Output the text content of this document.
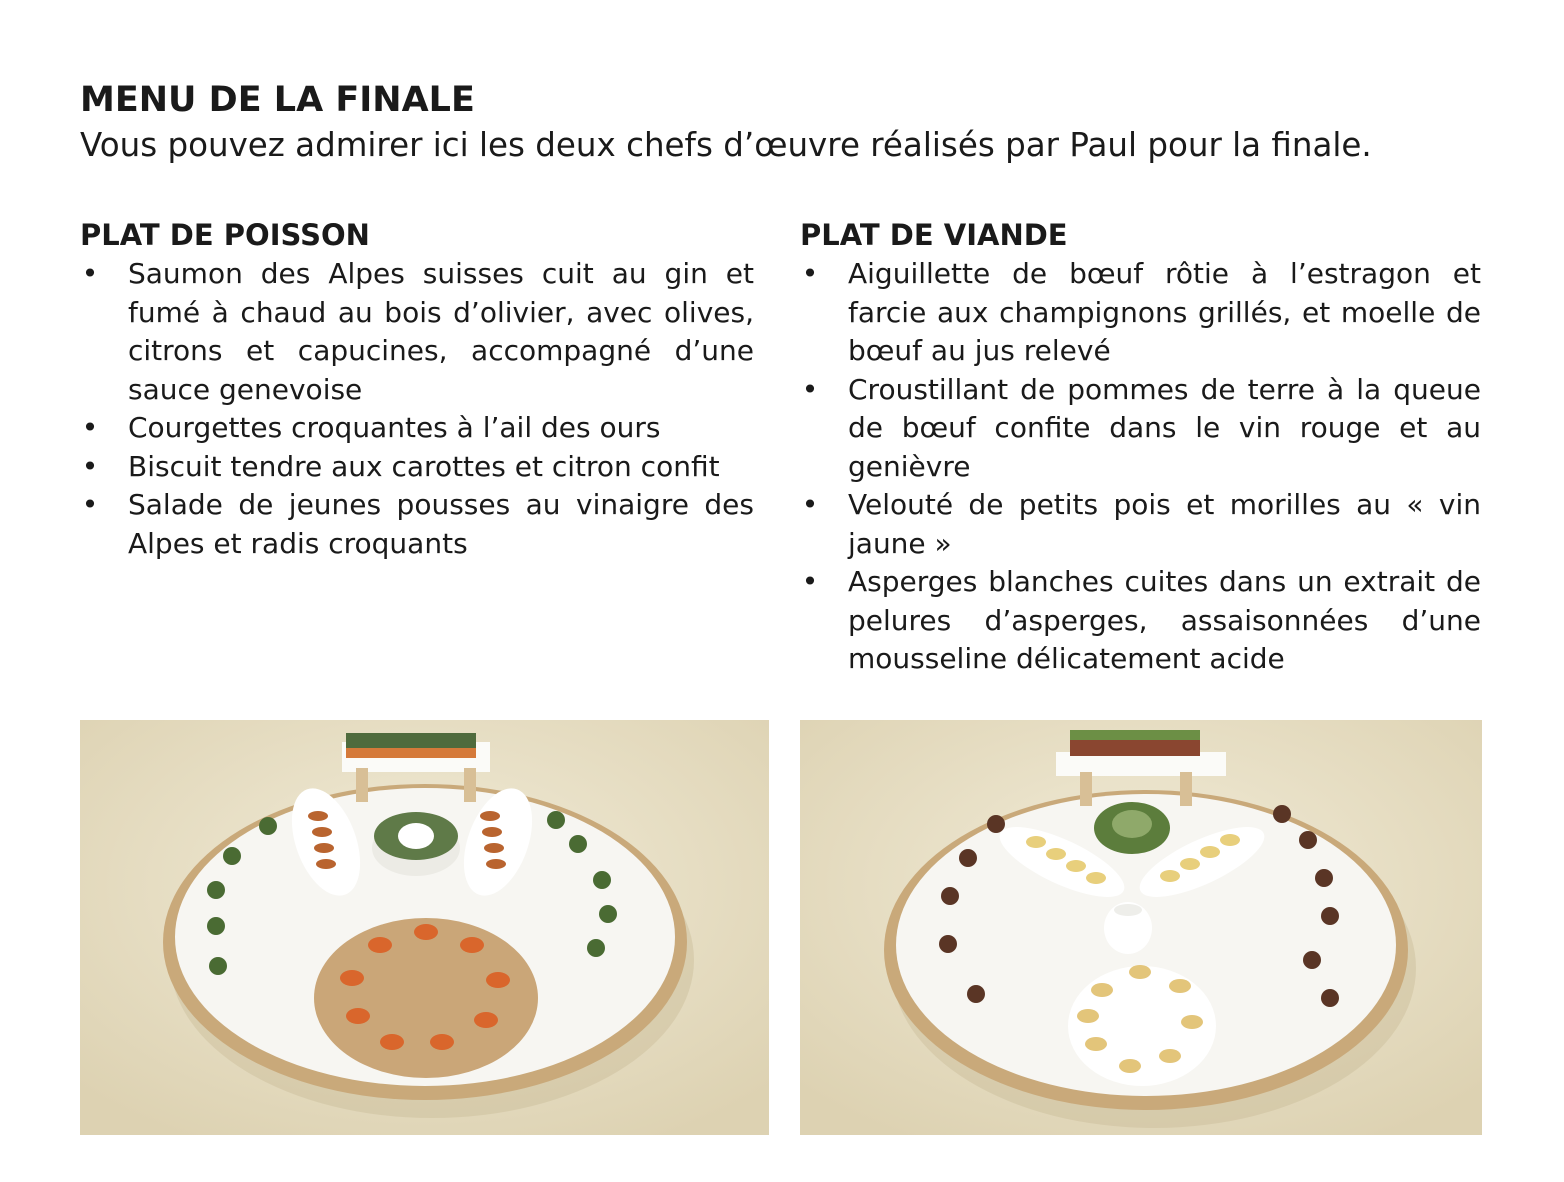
MENU DE LA FINALE

Vous pouvez admirer ici les deux chefs d’œuvre réalisés par Paul pour la finale.

PLAT DE POISSON
• Saumon des Alpes suisses cuit au gin et fumé à chaud au bois d’olivier, avec olives, citrons et capucines, accompagné d’une sauce genevoise
• Courgettes croquantes à l’ail des ours
• Biscuit tendre aux carottes et citron confit
• Salade de jeunes pousses au vinaigre des Alpes et radis croquants
PLAT DE VIANDE
• Aiguillette de bœuf rôtie à l’estragon et farcie aux champignons grillés, et moelle de bœuf au jus relevé
• Croustillant de pommes de terre à la queue de bœuf confite dans le vin rouge et au genièvre
• Velouté de petits pois et morilles au « vin jaune »
• Asperges blanches cuites dans un extrait de pelures d’asperges, assaisonnées d’une mousseline délicatement acide
